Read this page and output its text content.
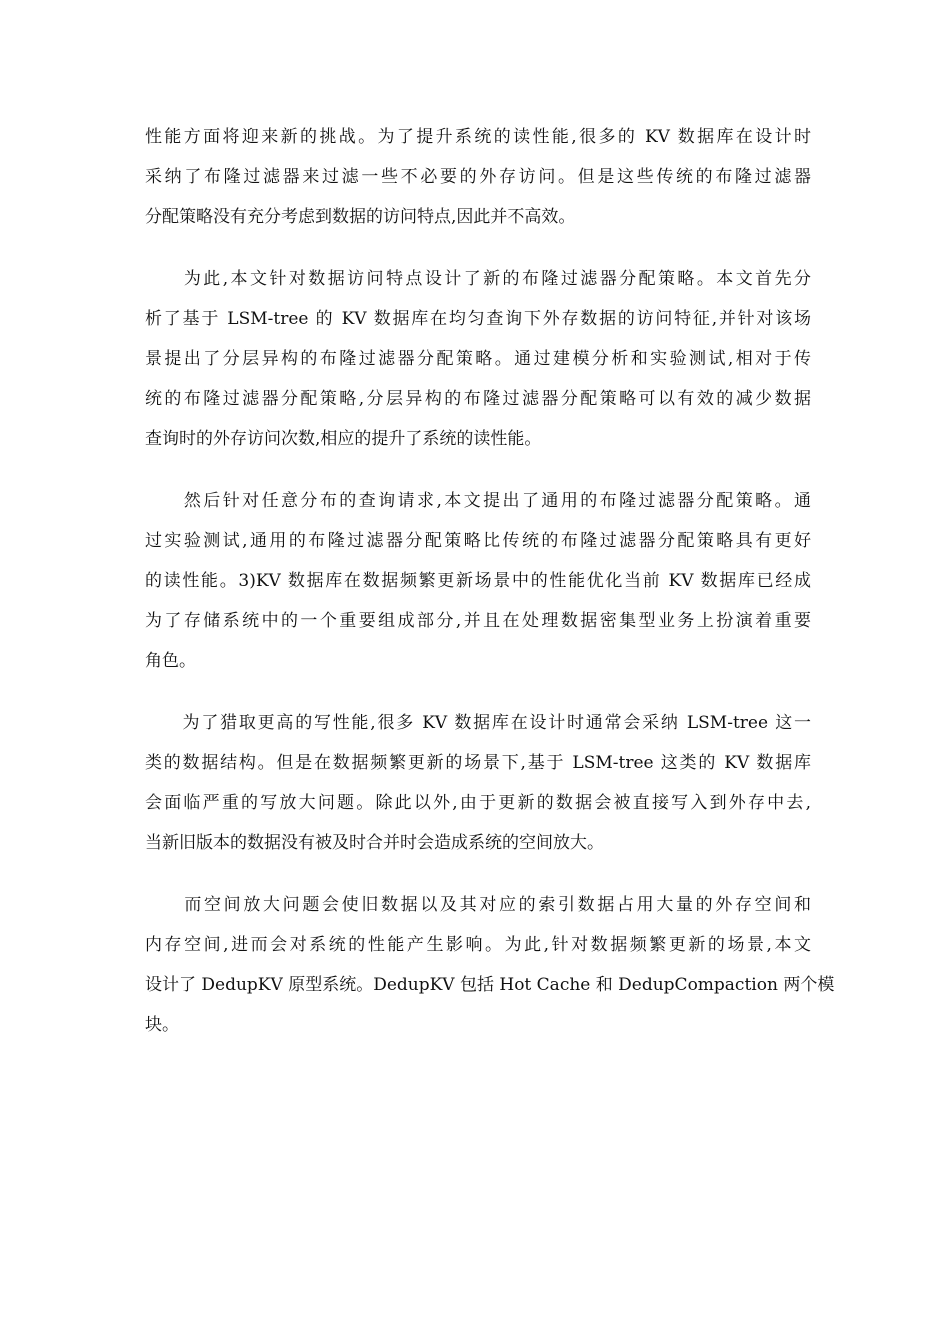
性能方面将迎来新的挑战。为了提升系统的读性能,很多的 KV 数据库在设计时
采纳了布隆过滤器来过滤一些不必要的外存访问。但是这些传统的布隆过滤器
分配策略没有充分考虑到数据的访问特点,因此并不高效。

　　为此,本文针对数据访问特点设计了新的布隆过滤器分配策略。本文首先分
析了基于 LSM-tree 的 KV 数据库在均匀查询下外存数据的访问特征,并针对该场
景提出了分层异构的布隆过滤器分配策略。通过建模分析和实验测试,相对于传
统的布隆过滤器分配策略,分层异构的布隆过滤器分配策略可以有效的减少数据
查询时的外存访问次数,相应的提升了系统的读性能。

　　然后针对任意分布的查询请求,本文提出了通用的布隆过滤器分配策略。通
过实验测试,通用的布隆过滤器分配策略比传统的布隆过滤器分配策略具有更好
的读性能。3)KV 数据库在数据频繁更新场景中的性能优化当前 KV 数据库已经成
为了存储系统中的一个重要组成部分,并且在处理数据密集型业务上扮演着重要
角色。

　　为了猎取更高的写性能,很多 KV 数据库在设计时通常会采纳 LSM-tree 这一
类的数据结构。但是在数据频繁更新的场景下,基于 LSM-tree 这类的 KV 数据库
会面临严重的写放大问题。除此以外,由于更新的数据会被直接写入到外存中去,
当新旧版本的数据没有被及时合并时会造成系统的空间放大。

　　而空间放大问题会使旧数据以及其对应的索引数据占用大量的外存空间和
内存空间,进而会对系统的性能产生影响。为此,针对数据频繁更新的场景,本文
设计了 DedupKV 原型系统。DedupKV 包括 Hot Cache 和 DedupCompaction 两个模
块。
